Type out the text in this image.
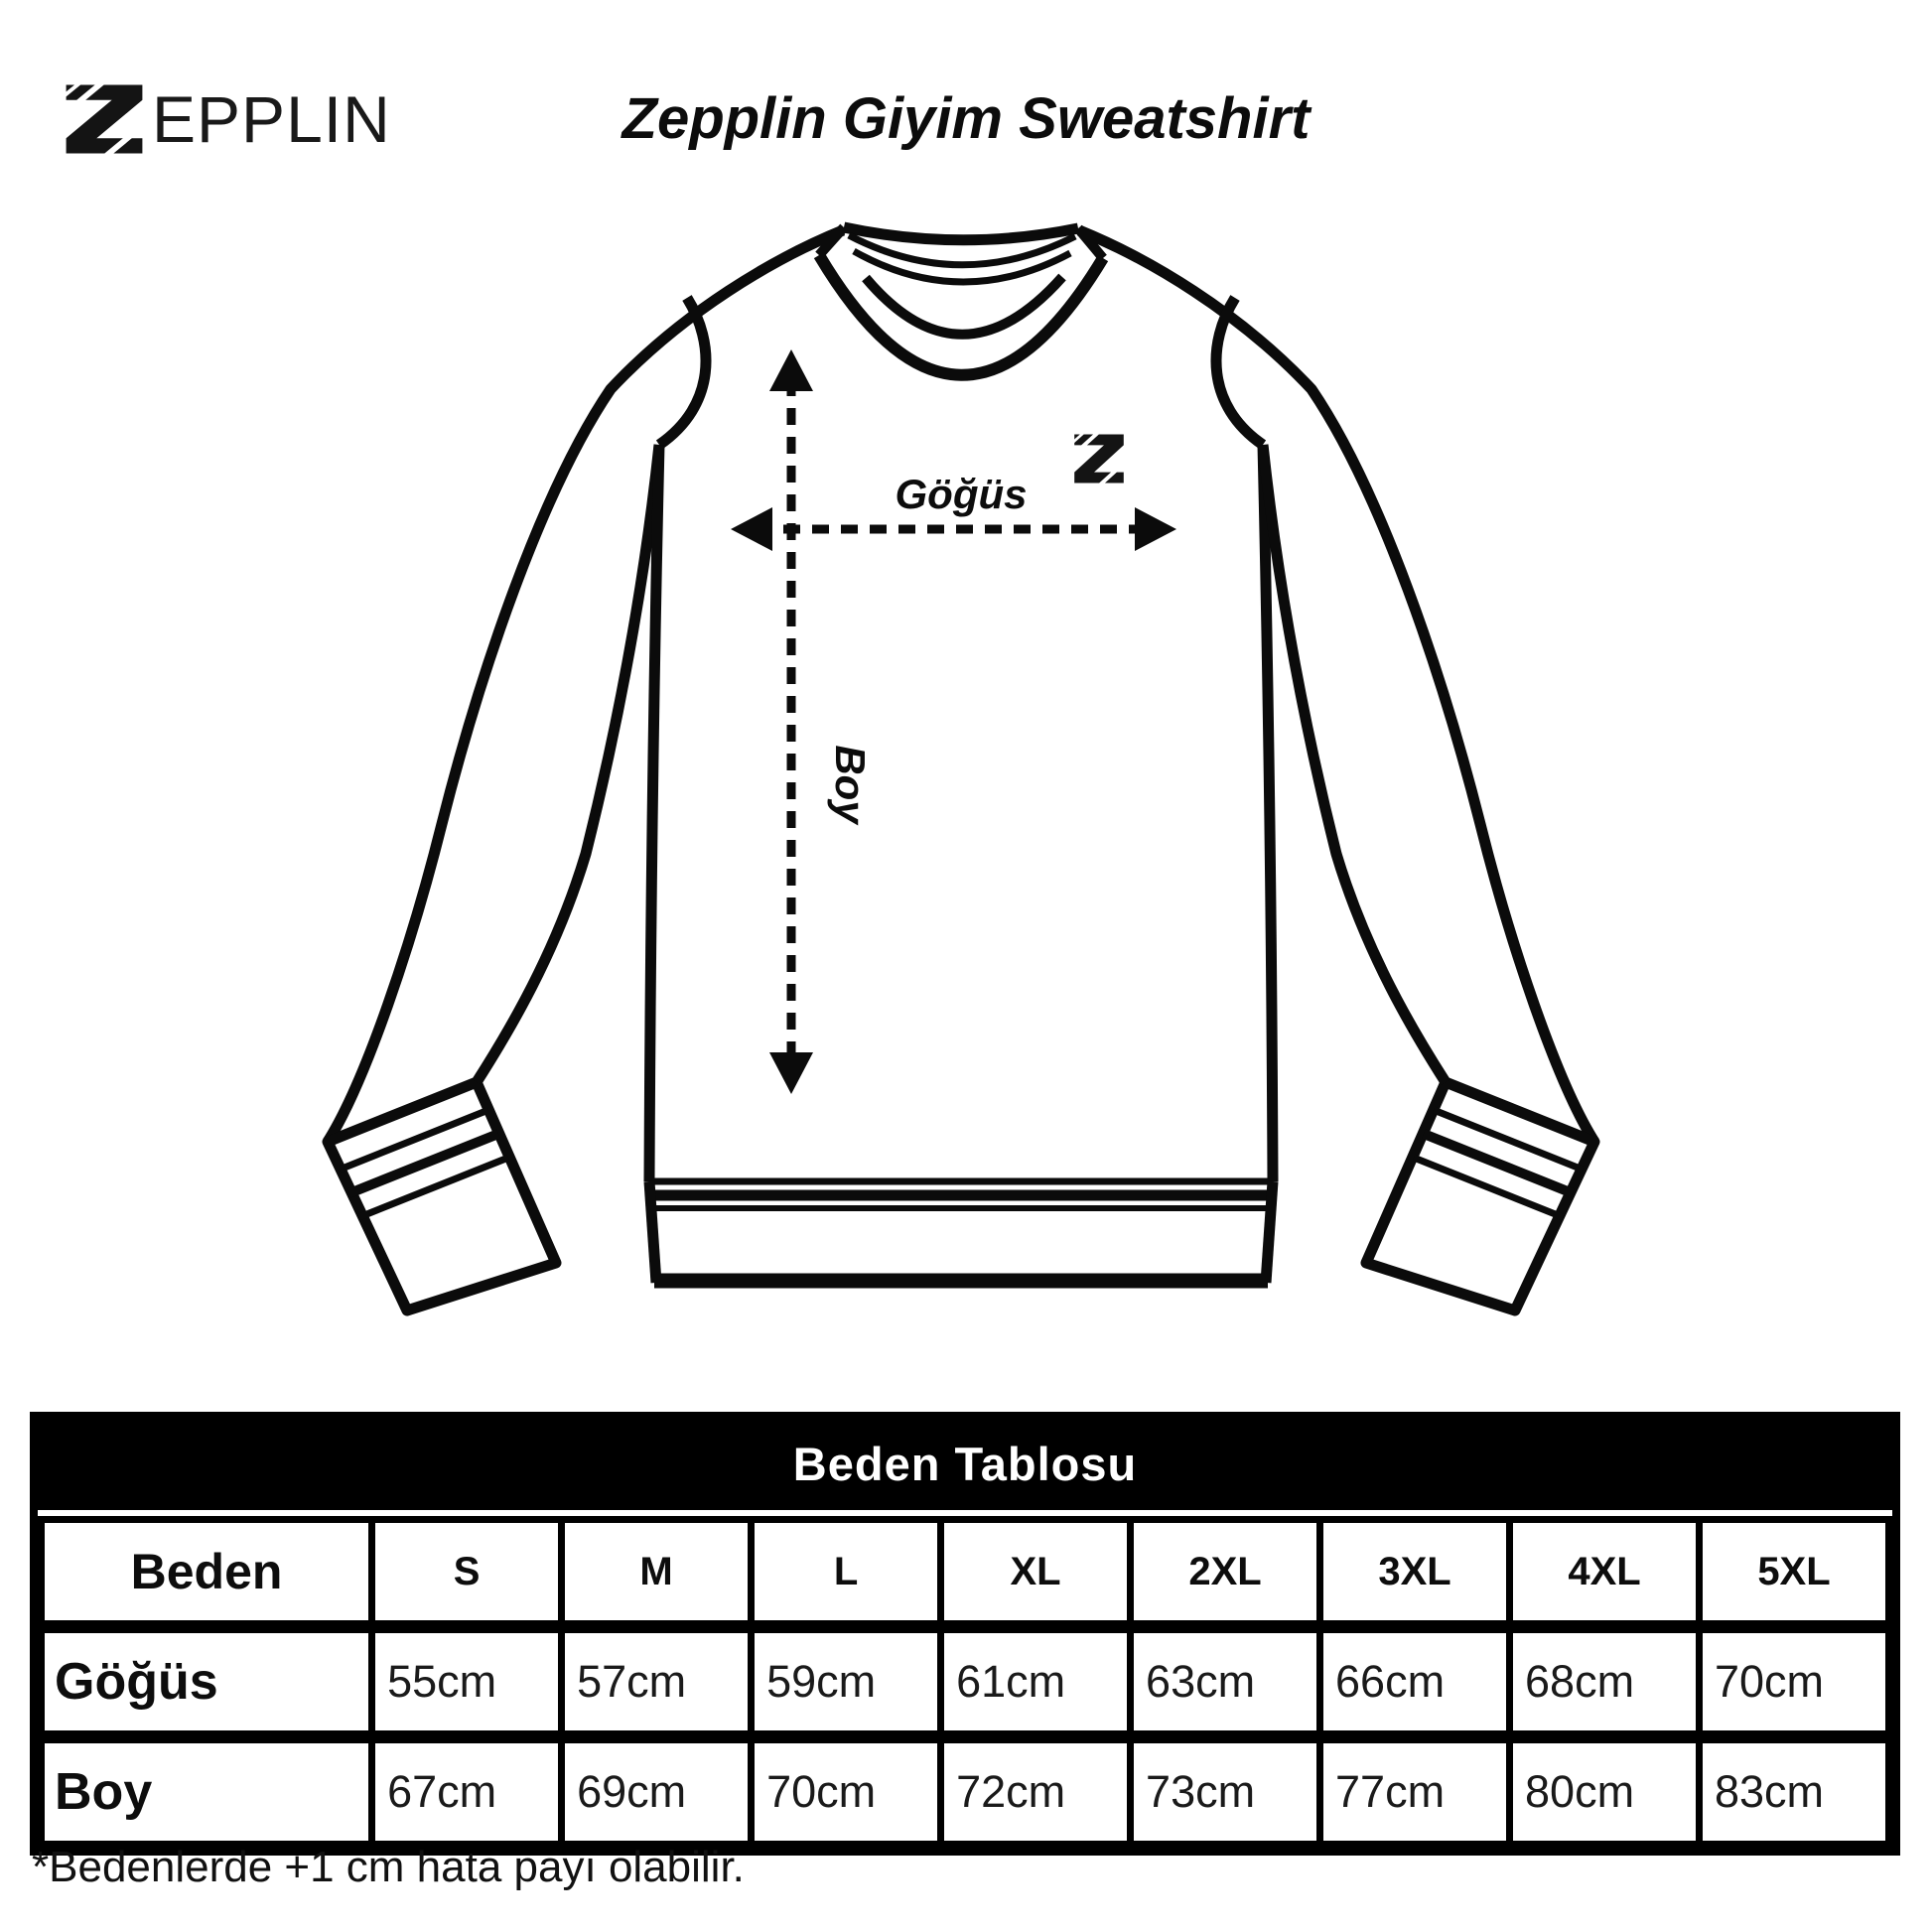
EPPLIN	Zepplin Giyim Sweatshirt
Göğüs
Boy
Beden Tablosu
Beden	S	M	L	XL	2XL	3XL	4XL	5XL
Göğüs	55cm	57cm	59cm	61cm	63cm	66cm	68cm	70cm
Boy	67cm	69cm	70cm	72cm	73cm	77cm	80cm	83cm

*Bedenlerde +1 cm hata payı olabilir.
